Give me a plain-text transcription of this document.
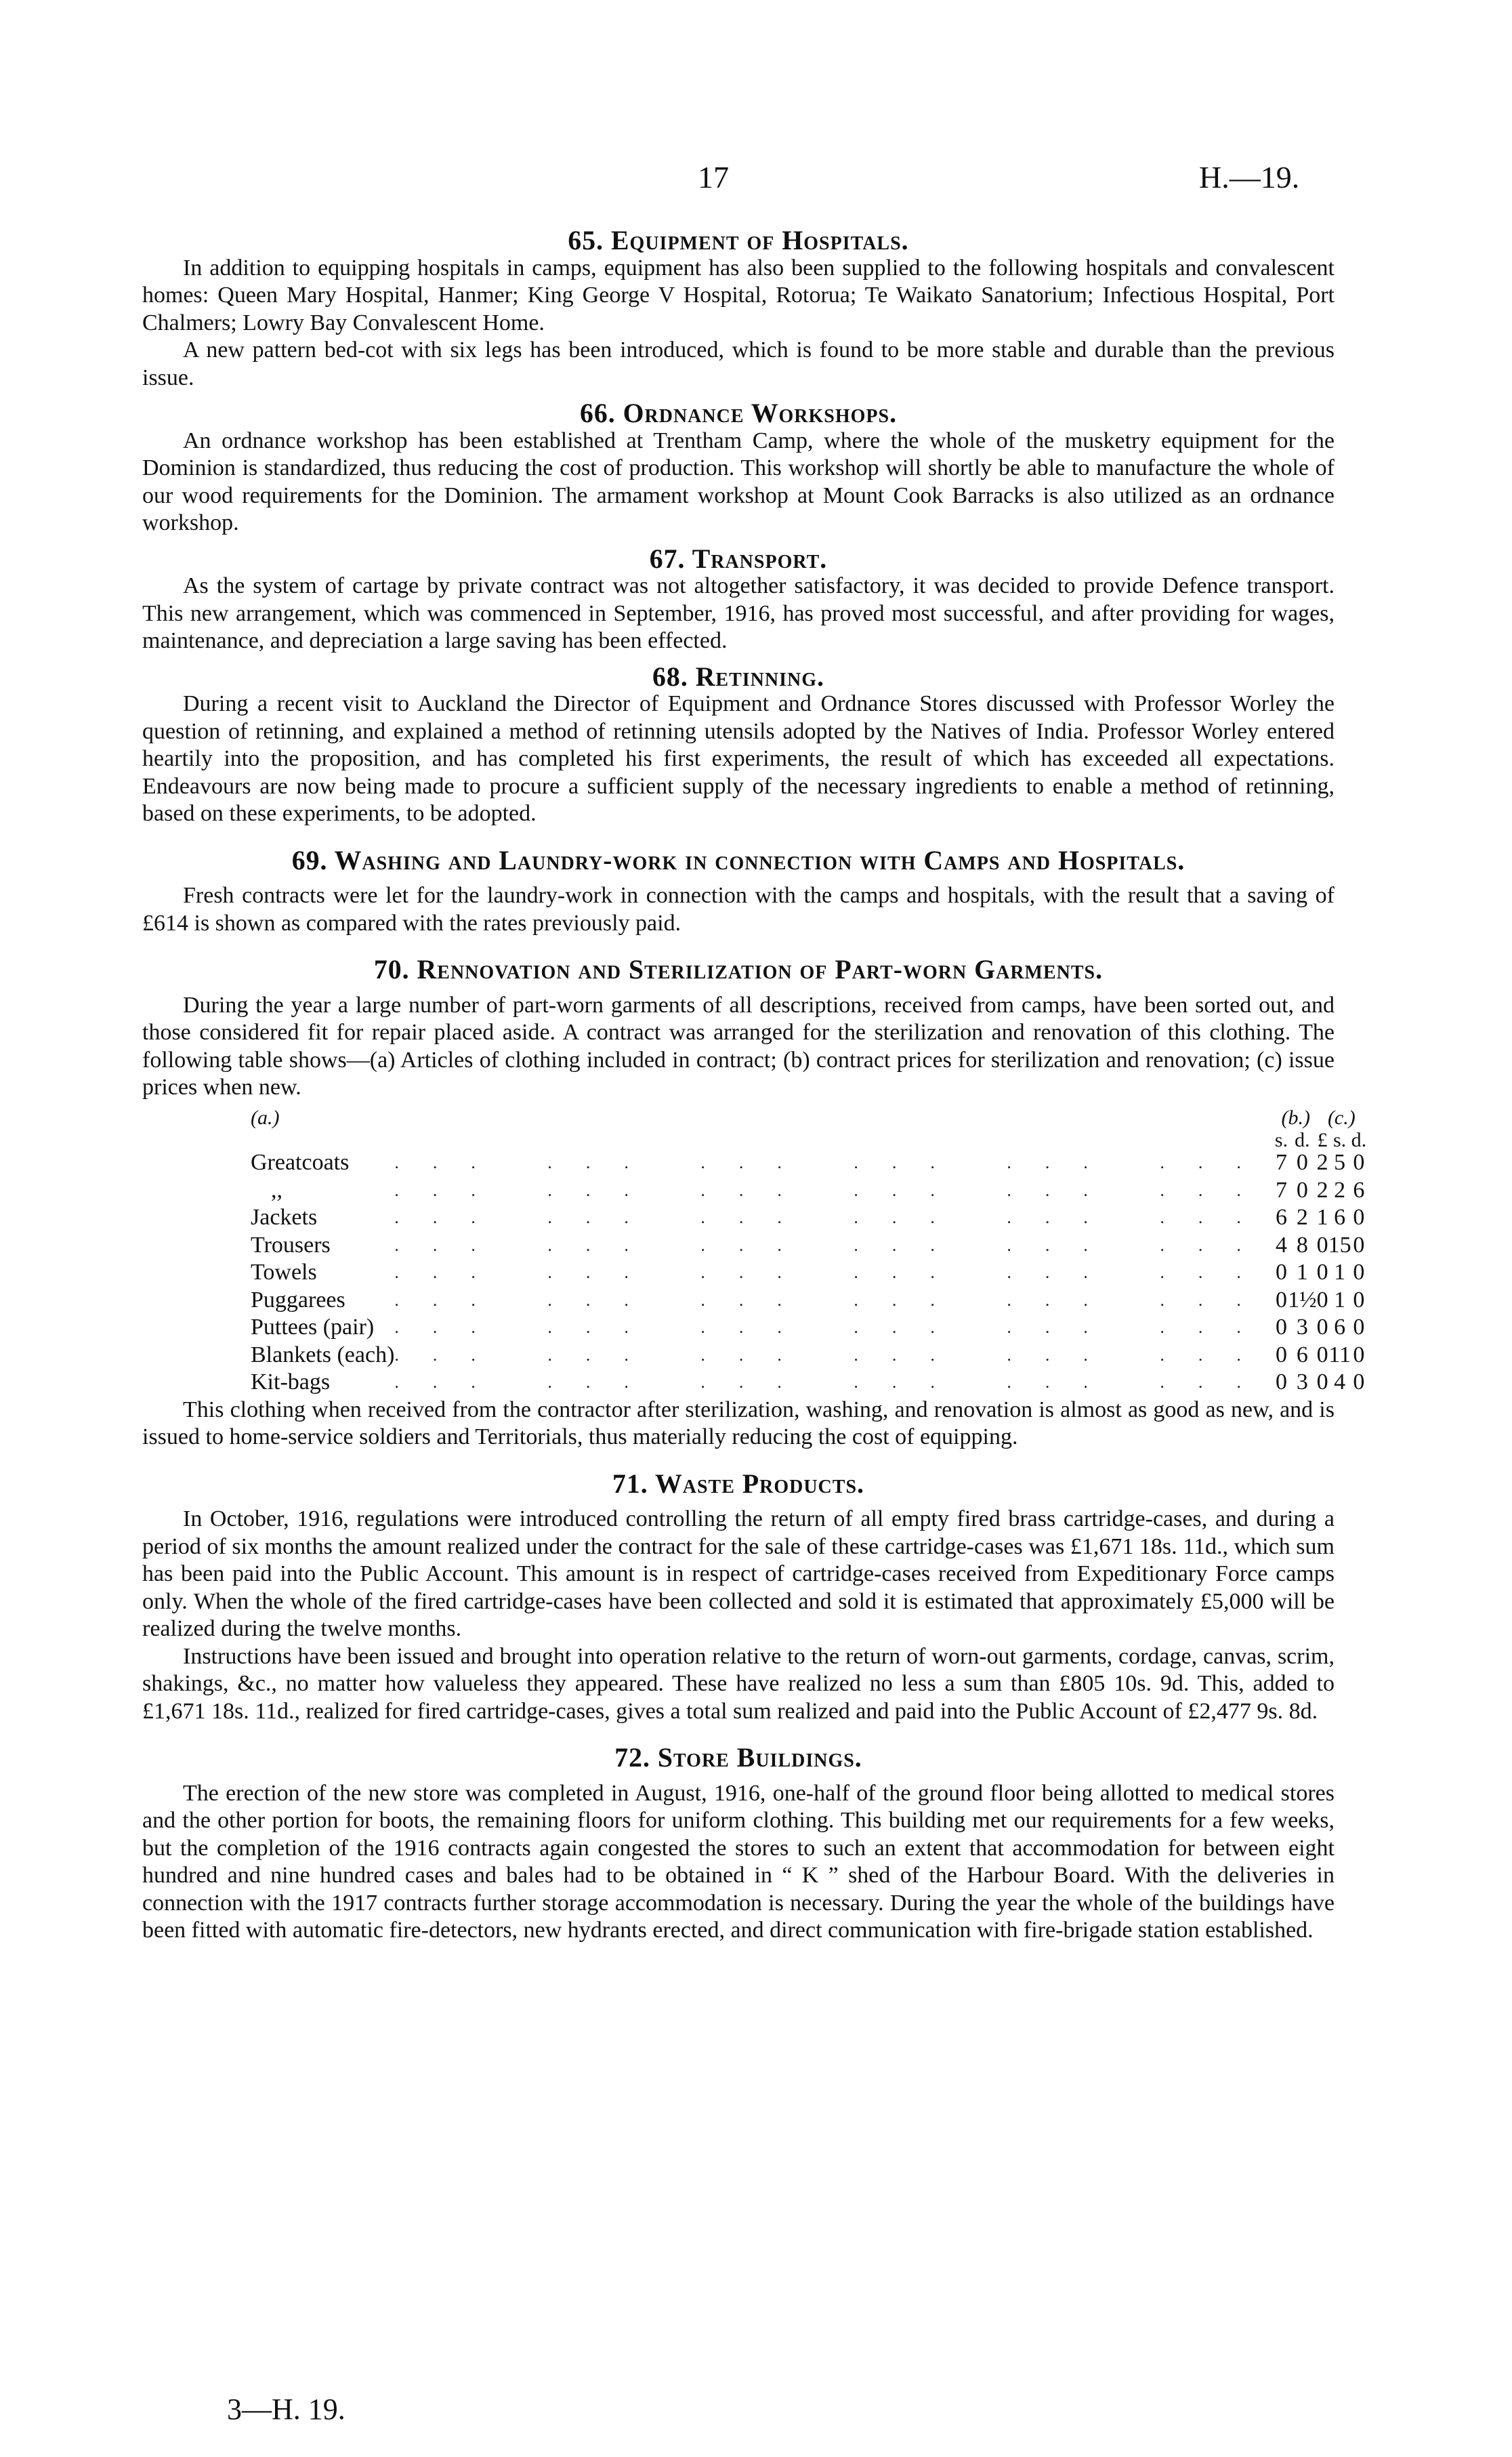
17	H.—19.
65. Equipment of Hospitals.

In addition to equipping hospitals in camps, equipment has also been supplied to the following hospitals and convalescent homes: Queen Mary Hospital, Hanmer; King George V Hospital, Rotorua; Te Waikato Sanatorium; Infectious Hospital, Port Chalmers; Lowry Bay Convalescent Home.

A new pattern bed-cot with six legs has been introduced, which is found to be more stable and durable than the previous issue.

66. Ordnance Workshops.

An ordnance workshop has been established at Trentham Camp, where the whole of the musketry equipment for the Dominion is standardized, thus reducing the cost of production. This workshop will shortly be able to manufacture the whole of our wood requirements for the Dominion. The armament workshop at Mount Cook Barracks is also utilized as an ordnance workshop.

67. Transport.

As the system of cartage by private contract was not altogether satisfactory, it was decided to provide Defence transport. This new arrangement, which was commenced in September, 1916, has proved most successful, and after providing for wages, maintenance, and depreciation a large saving has been effected.

68. Retinning.

During a recent visit to Auckland the Director of Equipment and Ordnance Stores discussed with Professor Worley the question of retinning, and explained a method of retinning utensils adopted by the Natives of India. Professor Worley entered heartily into the proposition, and has completed his first experiments, the result of which has exceeded all expectations. Endeavours are now being made to procure a sufficient supply of the necessary ingredients to enable a method of retinning, based on these experiments, to be adopted.

69. Washing and Laundry-work in connection with Camps and Hospitals.

Fresh contracts were let for the laundry-work in connection with the camps and hospitals, with the result that a saving of £614 is shown as compared with the rates previously paid.

70. Rennovation and Sterilization of Part-worn Garments.

During the year a large number of part-worn garments of all descriptions, received from camps, have been sorted out, and those considered fit for repair placed aside. A contract was arranged for the sterilization and renovation of this clothing. The following table shows—(a) Articles of clothing included in contract; (b) contract prices for sterilization and renovation; (c) issue prices when new.

(a.)		(b.)		(c.)		
		s.	d.		£	s.	d.
Greatcoats	... ... ... ... ... ...	7	0		2	5	0
,,	... ... ... ... ... ...	7	0		2	2	6
Jackets	... ... ... ... ... ...	6	2		1	6	0
Trousers	... ... ... ... ... ...	4	8		0	15	0
Towels	... ... ... ... ... ...	0	1		0	1	0
Puggarees	... ... ... ... ... ...	0	1½		0	1	0
Puttees (pair)	... ... ... ... ... ...	0	3		0	6	0
Blankets (each)	... ... ... ... ... ...	0	6		0	11	0
Kit-bags	... ... ... ... ... ...	0	3		0	4	0

This clothing when received from the contractor after sterilization, washing, and renovation is almost as good as new, and is issued to home-service soldiers and Territorials, thus materially reducing the cost of equipping.

71. Waste Products.

In October, 1916, regulations were introduced controlling the return of all empty fired brass cartridge-cases, and during a period of six months the amount realized under the contract for the sale of these cartridge-cases was £1,671 18s. 11d., which sum has been paid into the Public Account. This amount is in respect of cartridge-cases received from Expeditionary Force camps only. When the whole of the fired cartridge-cases have been collected and sold it is estimated that approximately £5,000 will be realized during the twelve months.

Instructions have been issued and brought into operation relative to the return of worn-out garments, cordage, canvas, scrim, shakings, &c., no matter how valueless they appeared. These have realized no less a sum than £805 10s. 9d. This, added to £1,671 18s. 11d., realized for fired cartridge-cases, gives a total sum realized and paid into the Public Account of £2,477 9s. 8d.

72. Store Buildings.

The erection of the new store was completed in August, 1916, one-half of the ground floor being allotted to medical stores and the other portion for boots, the remaining floors for uniform clothing. This building met our requirements for a few weeks, but the completion of the 1916 contracts again congested the stores to such an extent that accommodation for between eight hundred and nine hundred cases and bales had to be obtained in “ K ” shed of the Harbour Board. With the deliveries in connection with the 1917 contracts further storage accommodation is necessary. During the year the whole of the buildings have been fitted with automatic fire-detectors, new hydrants erected, and direct communication with fire-brigade station established.

3—H. 19.
